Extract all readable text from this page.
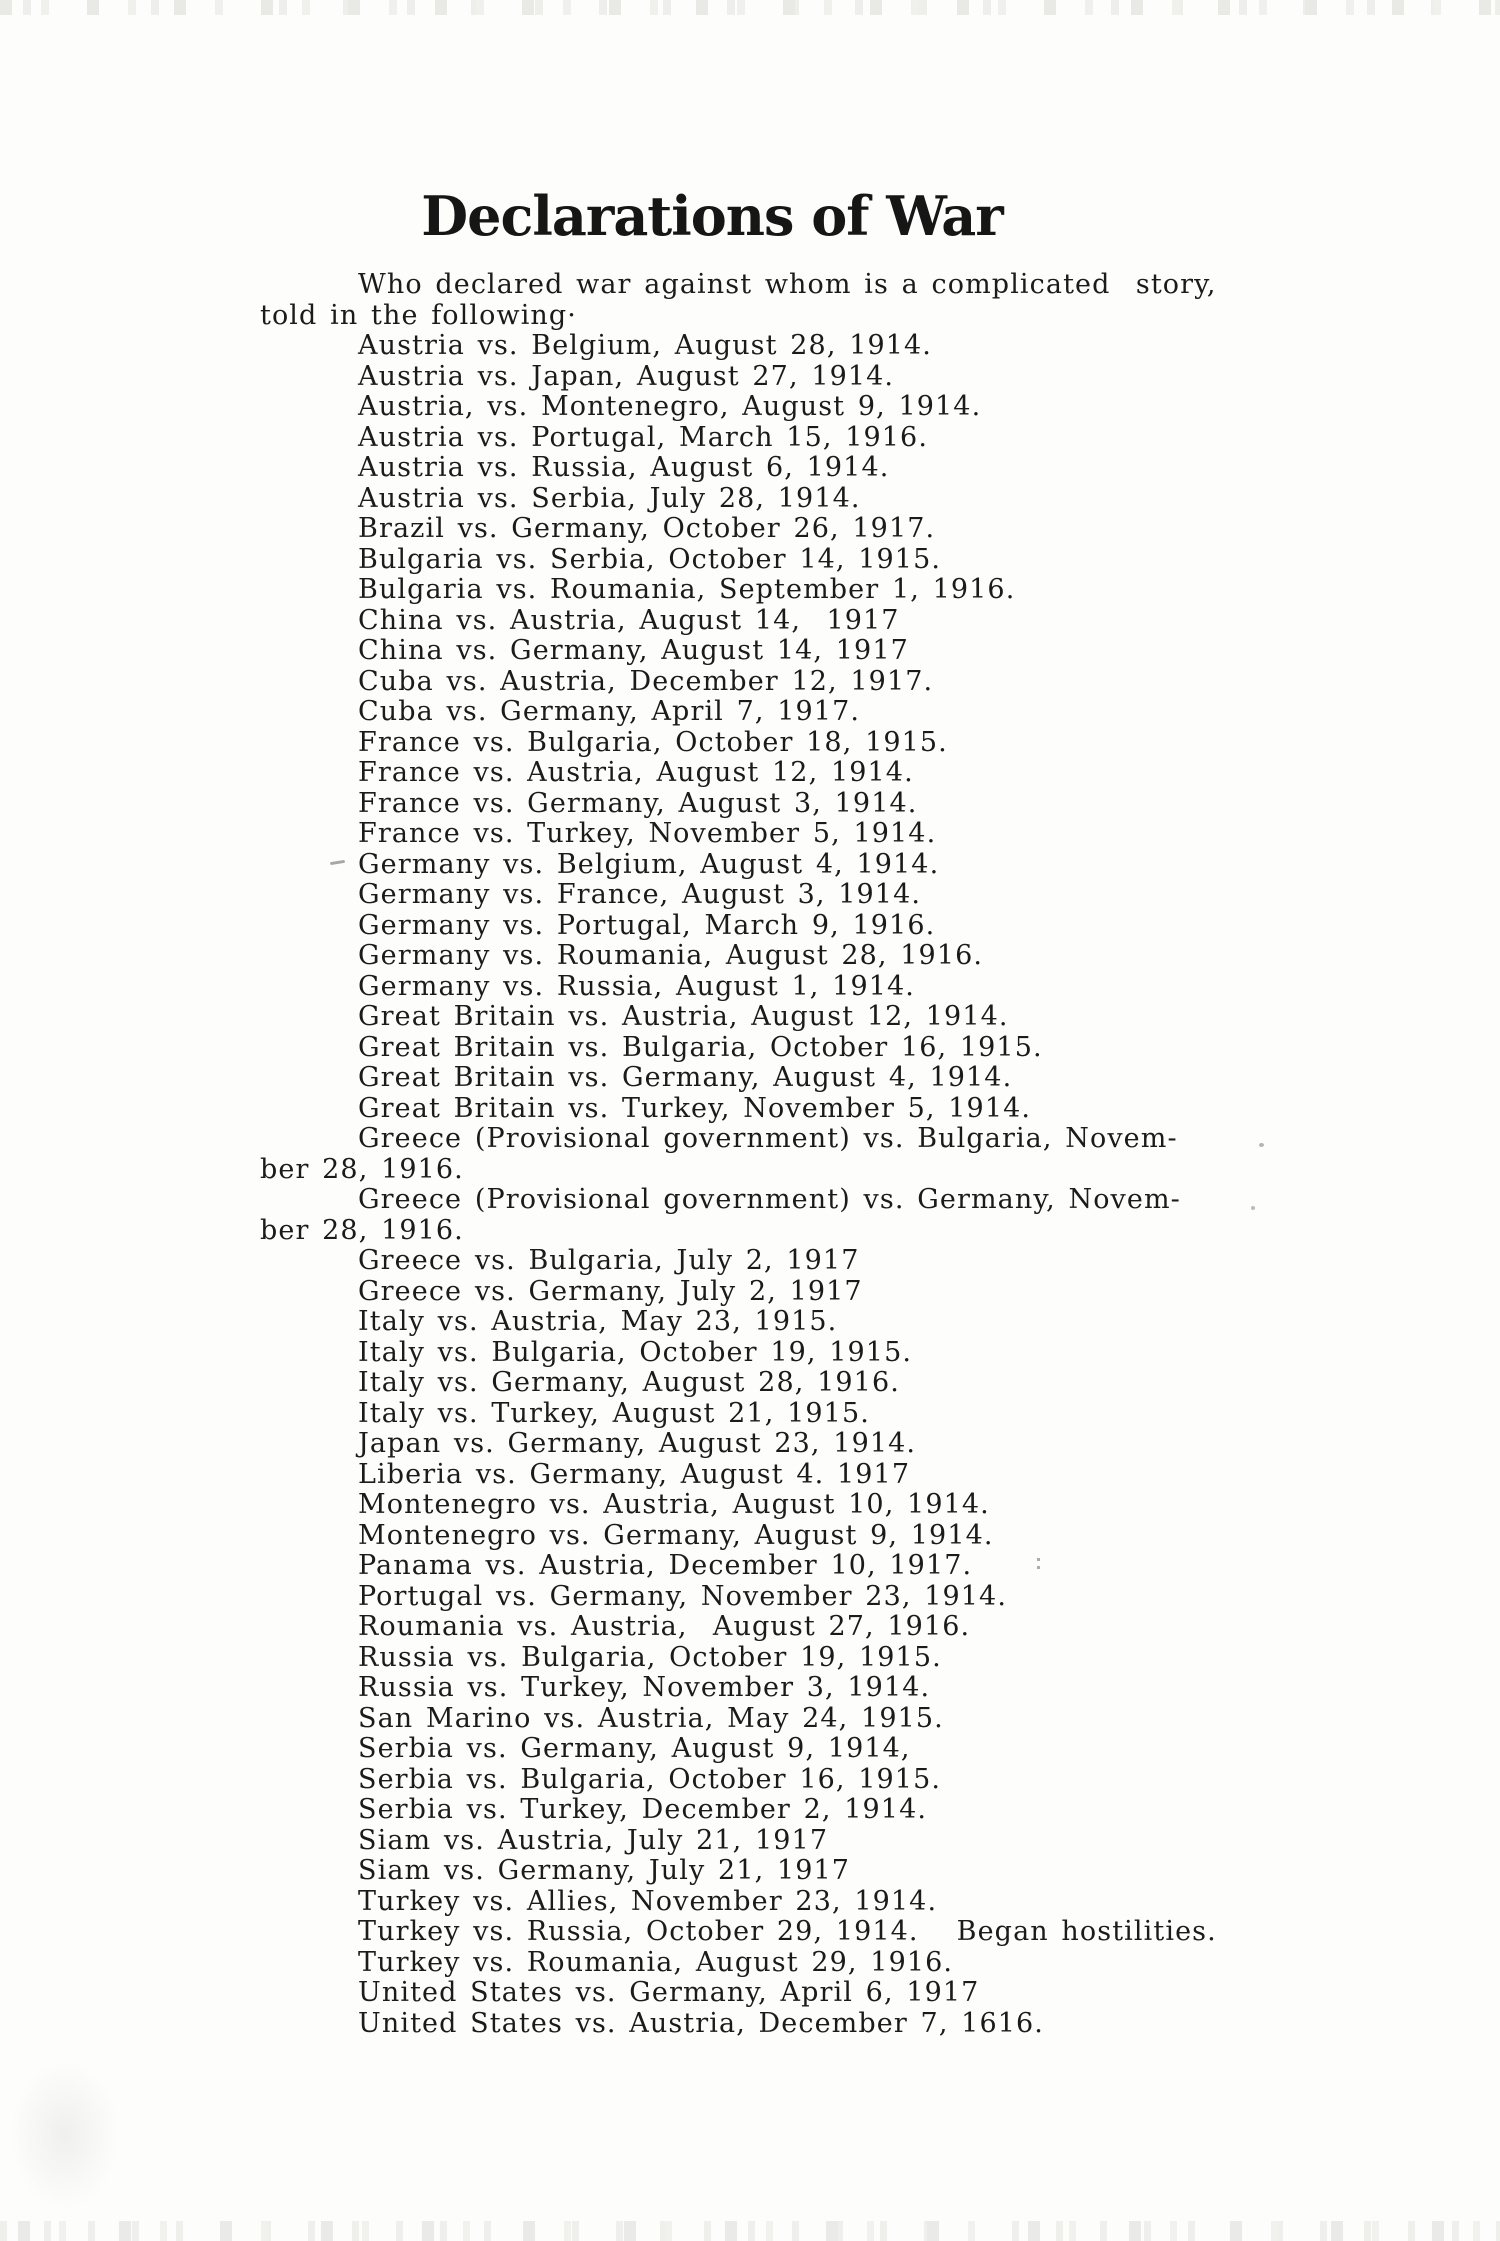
Declarations of War

Who declared war against whom is a complicated  story,

told in the following·

Austria vs. Belgium, August 28, 1914.

Austria vs. Japan, August 27, 1914.

Austria, vs. Montenegro, August 9, 1914.

Austria vs. Portugal, March 15, 1916.

Austria vs. Russia, August 6, 1914.

Austria vs. Serbia, July 28, 1914.

Brazil vs. Germany, October 26, 1917.

Bulgaria vs. Serbia, October 14, 1915.

Bulgaria vs. Roumania, September 1, 1916.

China vs. Austria, August 14,  1917

China vs. Germany, August 14, 1917

Cuba vs. Austria, December 12, 1917.

Cuba vs. Germany, April 7, 1917.

France vs. Bulgaria, October 18, 1915.

France vs. Austria, August 12, 1914.

France vs. Germany, August 3, 1914.

France vs. Turkey, November 5, 1914.

Germany vs. Belgium, August 4, 1914.

Germany vs. France, August 3, 1914.

Germany vs. Portugal, March 9, 1916.

Germany vs. Roumania, August 28, 1916.

Germany vs. Russia, August 1, 1914.

Great Britain vs. Austria, August 12, 1914.

Great Britain vs. Bulgaria, October 16, 1915.

Great Britain vs. Germany, August 4, 1914.

Great Britain vs. Turkey, November 5, 1914.

Greece (Provisional government) vs. Bulgaria, Novem-

ber 28, 1916.

Greece (Provisional government) vs. Germany, Novem-

ber 28, 1916.

Greece vs. Bulgaria, July 2, 1917

Greece vs. Germany, July 2, 1917

Italy vs. Austria, May 23, 1915.

Italy vs. Bulgaria, October 19, 1915.

Italy vs. Germany, August 28, 1916.

Italy vs. Turkey, August 21, 1915.

Japan vs. Germany, August 23, 1914.

Liberia vs. Germany, August 4. 1917

Montenegro vs. Austria, August 10, 1914.

Montenegro vs. Germany, August 9, 1914.

Panama vs. Austria, December 10, 1917.

Portugal vs. Germany, November 23, 1914.

Roumania vs. Austria,  August 27, 1916.

Russia vs. Bulgaria, October 19, 1915.

Russia vs. Turkey, November 3, 1914.

San Marino vs. Austria, May 24, 1915.

Serbia vs. Germany, August 9, 1914,

Serbia vs. Bulgaria, October 16, 1915.

Serbia vs. Turkey, December 2, 1914.

Siam vs. Austria, July 21, 1917

Siam vs. Germany, July 21, 1917

Turkey vs. Allies, November 23, 1914.

Turkey vs. Russia, October 29, 1914.   Began hostilities.

Turkey vs. Roumania, August 29, 1916.

United States vs. Germany, April 6, 1917

United States vs. Austria, December 7, 1616.
